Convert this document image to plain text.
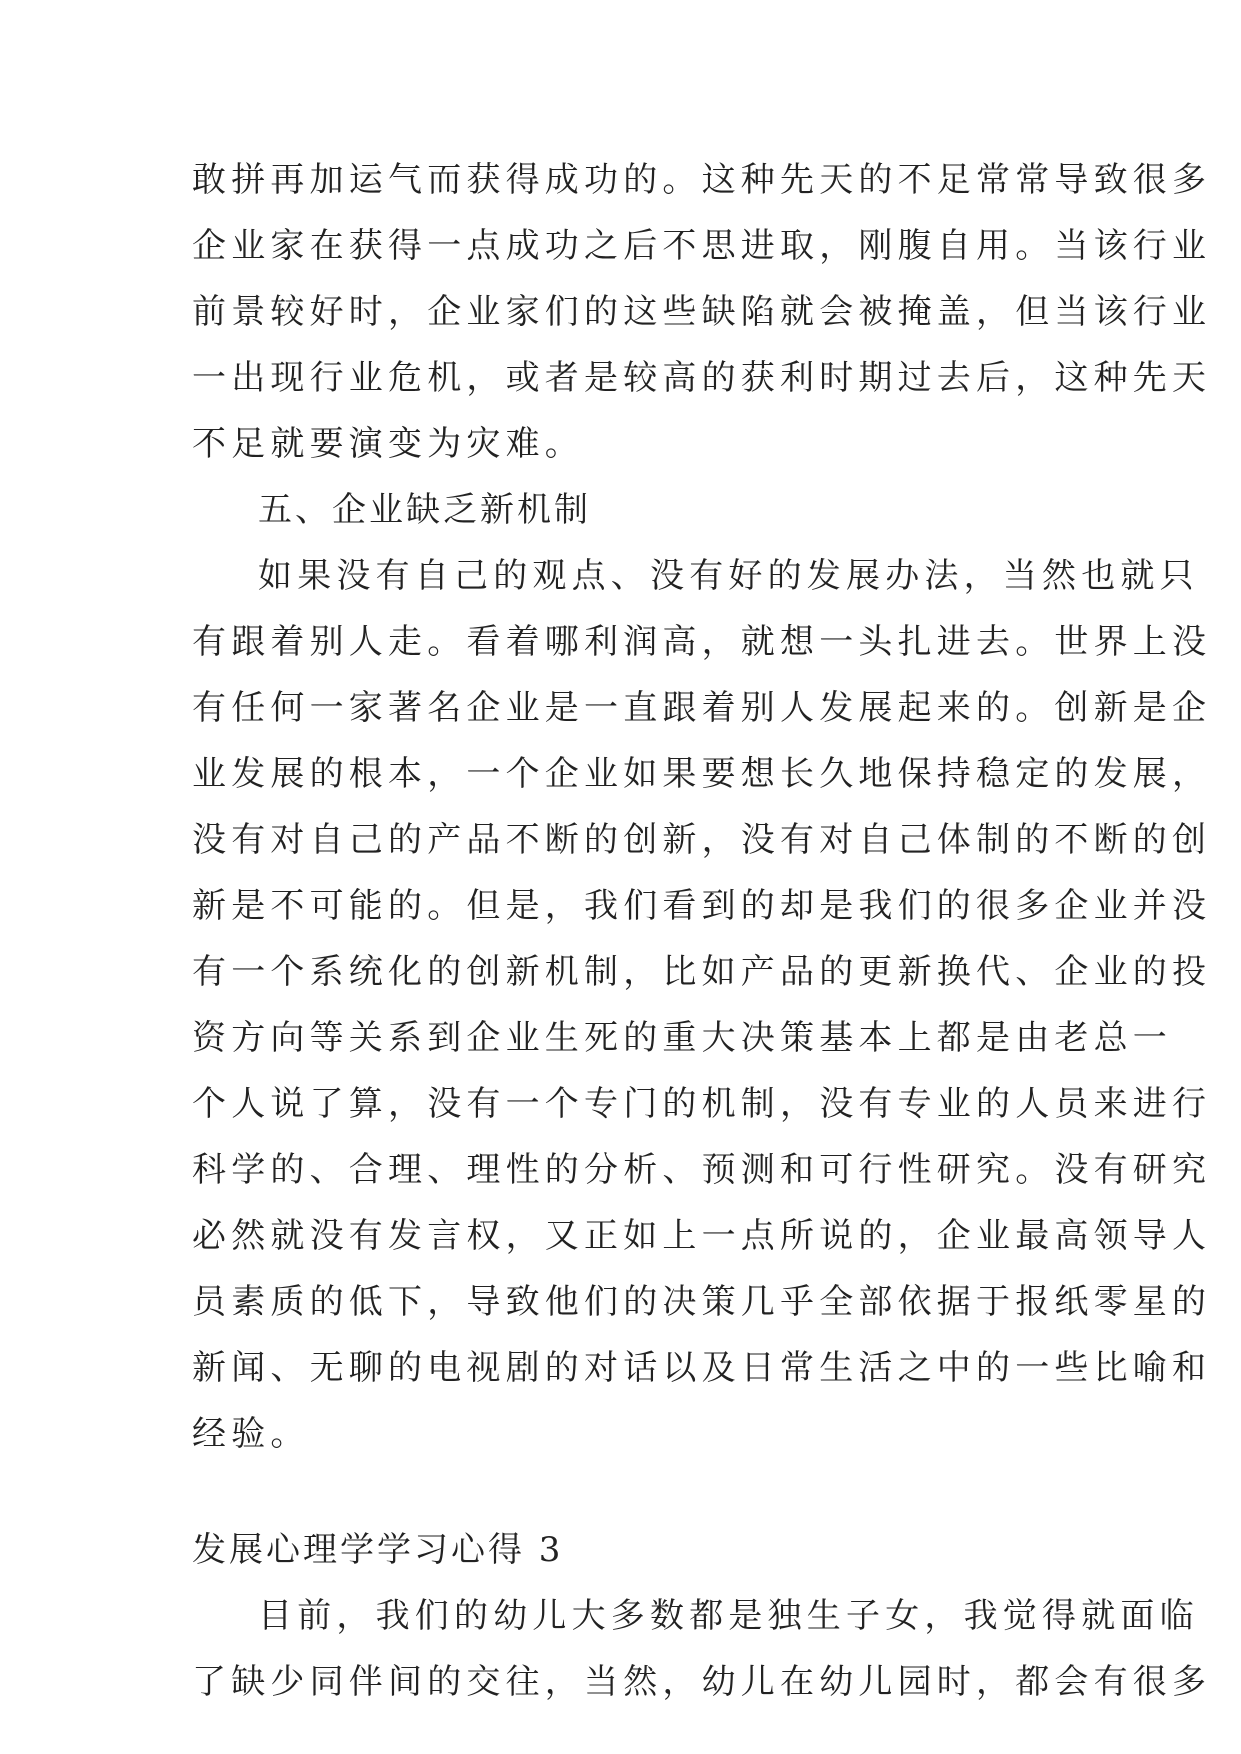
敢拼再加运气而获得成功的。这种先天的不足常常导致很多
企业家在获得一点成功之后不思进取，刚腹自用。当该行业
前景较好时，企业家们的这些缺陷就会被掩盖，但当该行业
一出现行业危机，或者是较高的获利时期过去后，这种先天
不足就要演变为灾难。
五、企业缺乏新机制
如果没有自己的观点、没有好的发展办法，当然也就只
有跟着别人走。看着哪利润高，就想一头扎进去。世界上没
有任何一家著名企业是一直跟着别人发展起来的。创新是企
业发展的根本，一个企业如果要想长久地保持稳定的发展，
没有对自己的产品不断的创新，没有对自己体制的不断的创
新是不可能的。但是，我们看到的却是我们的很多企业并没
有一个系统化的创新机制，比如产品的更新换代、企业的投
资方向等关系到企业生死的重大决策基本上都是由老总一
个人说了算，没有一个专门的机制，没有专业的人员来进行
科学的、合理、理性的分析、预测和可行性研究。没有研究
必然就没有发言权，又正如上一点所说的，企业最高领导人
员素质的低下，导致他们的决策几乎全部依据于报纸零星的
新闻、无聊的电视剧的对话以及日常生活之中的一些比喻和
经验。
发展心理学学习心得 3
目前，我们的幼儿大多数都是独生子女，我觉得就面临
了缺少同伴间的交往，当然，幼儿在幼儿园时，都会有很多
